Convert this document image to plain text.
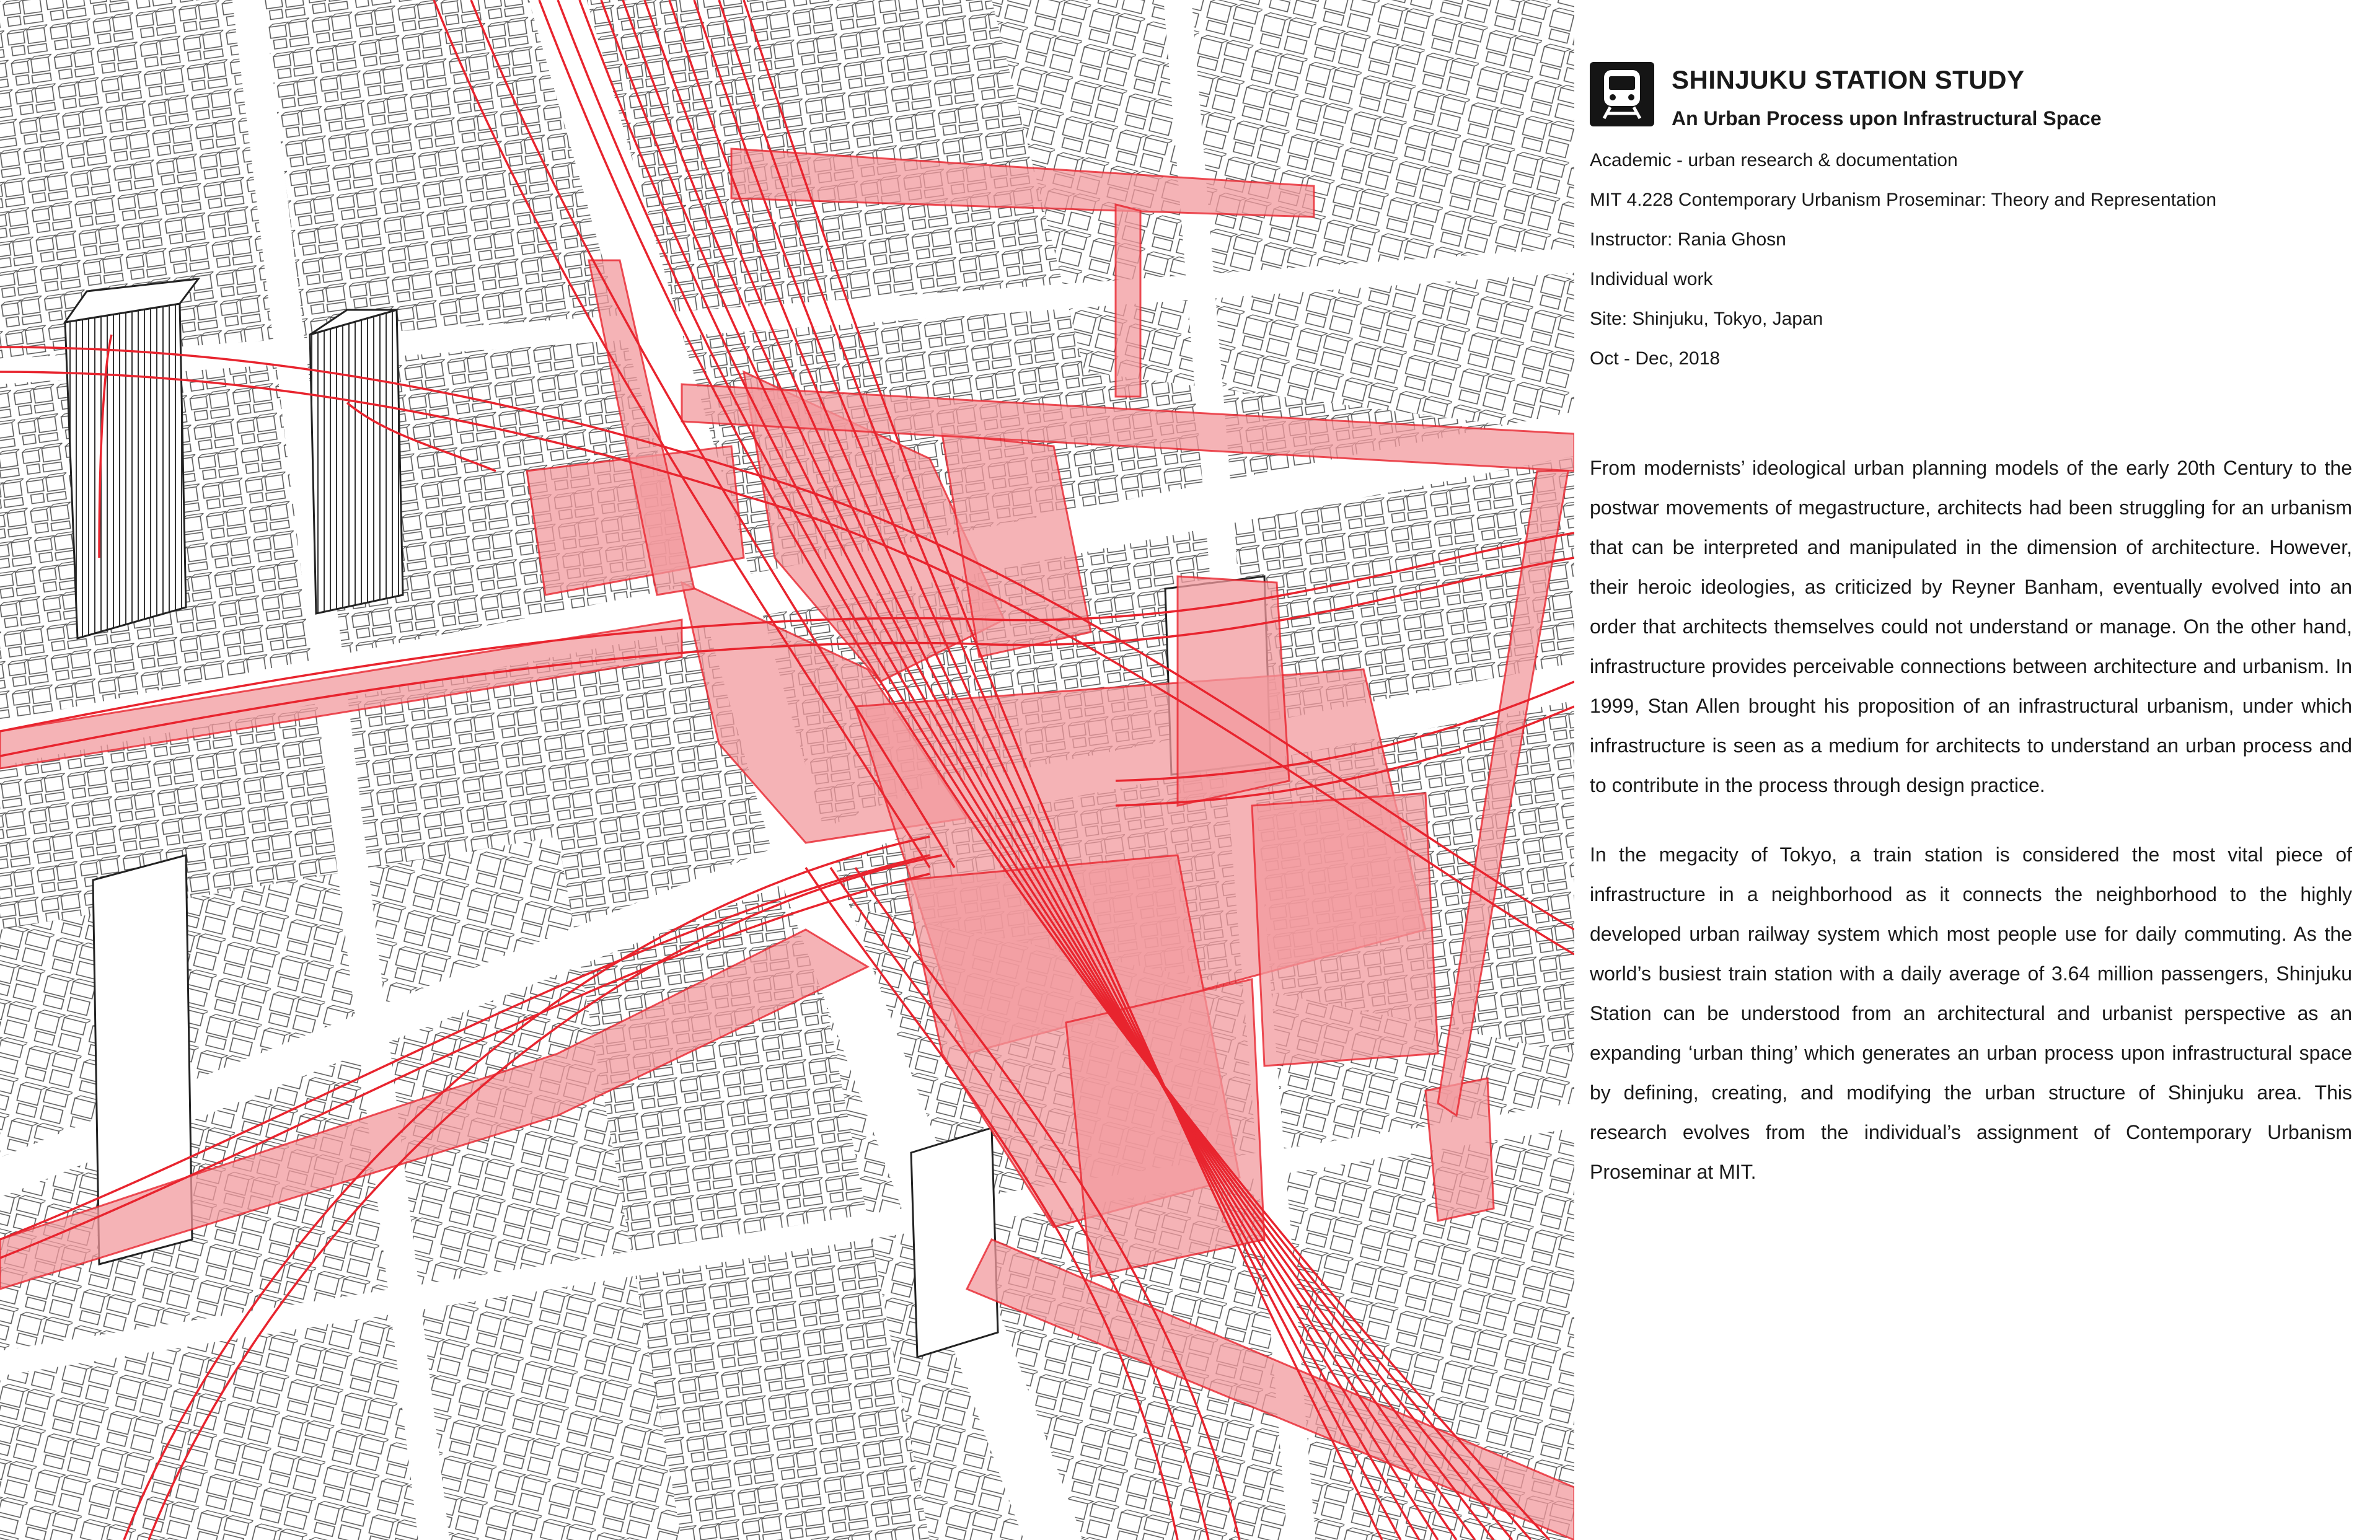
SHINJUKU STATION STUDY
An Urban Process upon Infrastructural Space
Academic - urban research & documentation
MIT 4.228 Contemporary Urbanism Proseminar: Theory and Representation
Instructor: Rania Ghosn
Individual work
Site: Shinjuku, Tokyo, Japan
Oct - Dec, 2018

From modernists’ ideological urban planning models of the early 20th Century to the postwar movements of megastructure, architects had been struggling for an urbanism that can be interpreted and manipulated in the dimension of architecture. However, their heroic ideologies, as criticized by Reyner Banham, eventually evolved into an order that architects themselves could not understand or manage. On the other hand, infrastructure provides perceivable connections between architecture and urbanism. In 1999, Stan Allen brought his proposition of an infrastructural urbanism, under which infrastructure is seen as a medium for architects to understand an urban process and to contribute in the process through design practice.

In the megacity of Tokyo, a train station is considered the most vital piece of infrastructure in a neighborhood as it connects the neighborhood to the highly developed urban railway system which most people use for daily commuting. As the world’s busiest train station with a daily average of 3.64 million passengers, Shinjuku Station can be understood from an architectural and urbanist perspective as an expanding ‘urban thing’ which generates an urban process upon infrastructural space by defining, creating, and modifying the urban structure of Shinjuku area. This research evolves from the individual’s assignment of Contemporary Urbanism Proseminar at MIT.
